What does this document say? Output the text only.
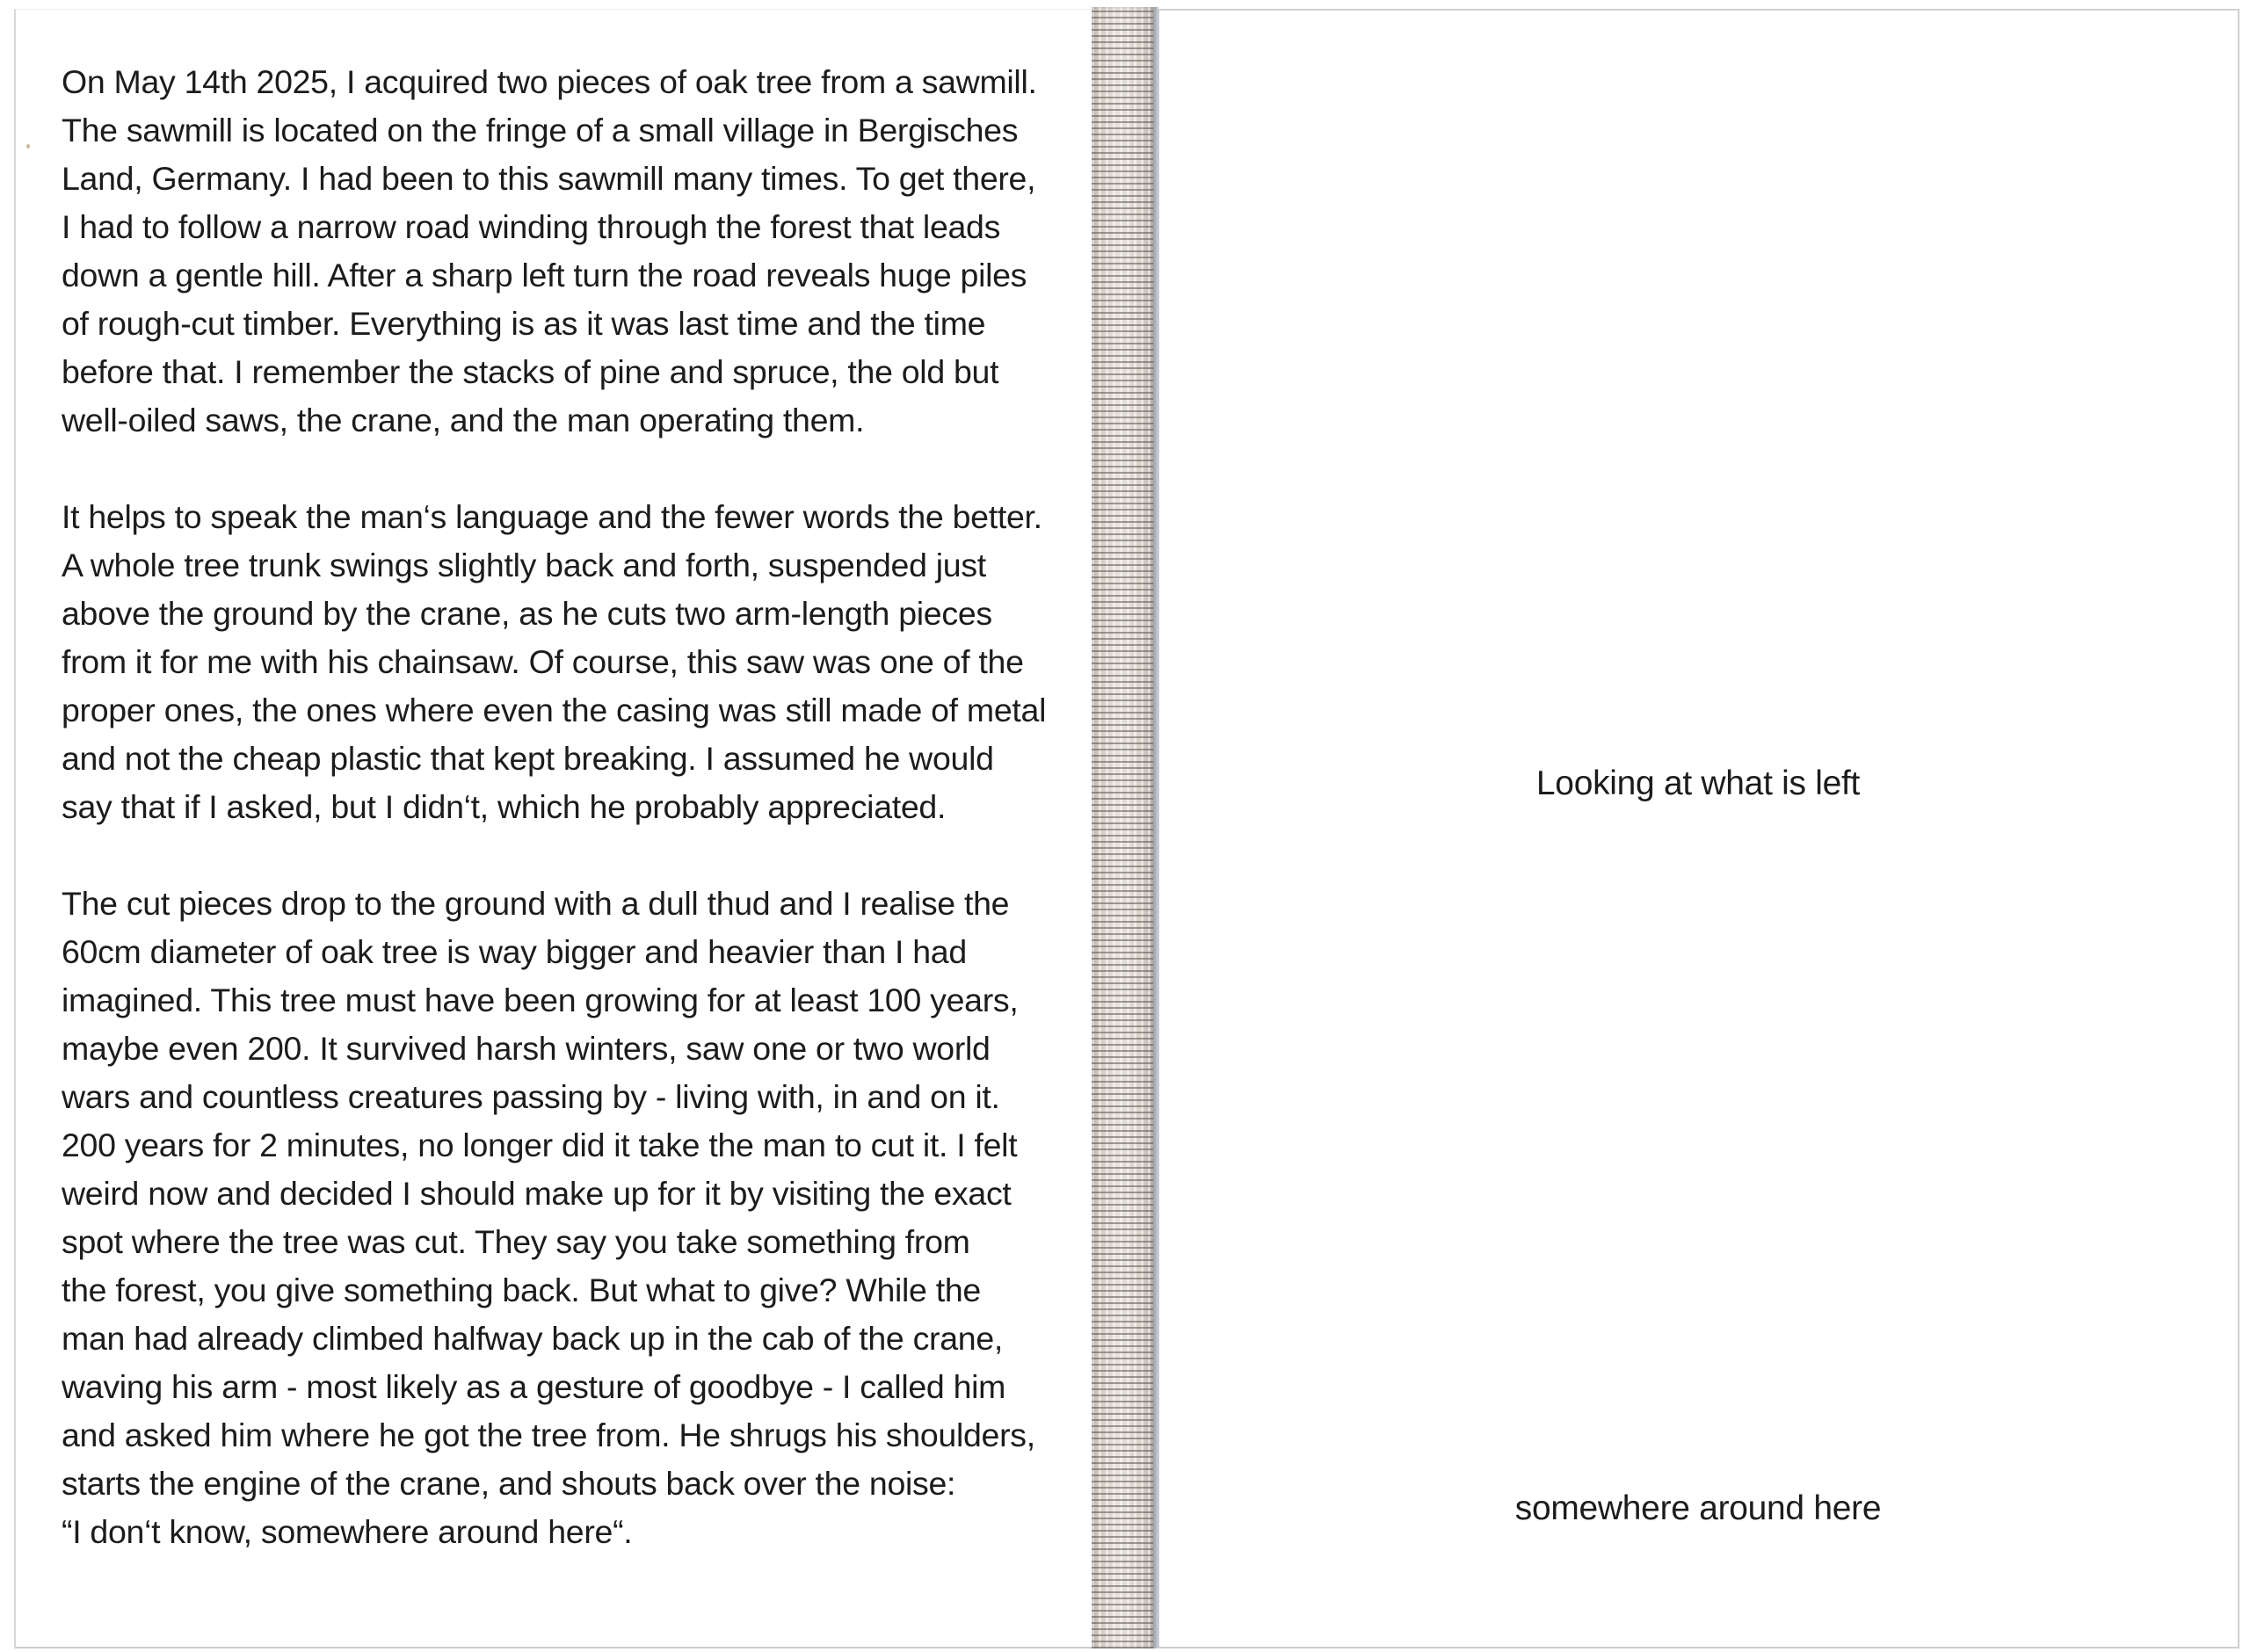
On May 14th 2025, I acquired two pieces of oak tree from a sawmill.
The sawmill is located on the fringe of a small village in Bergisches
Land, Germany. I had been to this sawmill many times. To get there,
I had to follow a narrow road winding through the forest that leads
down a gentle hill. After a sharp left turn the road reveals huge piles
of rough-cut timber. Everything is as it was last time and the time
before that. I remember the stacks of pine and spruce, the old but
well-oiled saws, the crane, and the man operating them.

It helps to speak the man‘s language and the fewer words the better.
A whole tree trunk swings slightly back and forth, suspended just
above the ground by the crane, as he cuts two arm-length pieces
from it for me with his chainsaw. Of course, this saw was one of the
proper ones, the ones where even the casing was still made of metal
and not the cheap plastic that kept breaking. I assumed he would
say that if I asked, but I didn‘t, which he probably appreciated.

The cut pieces drop to the ground with a dull thud and I realise the
60cm diameter of oak tree is way bigger and heavier than I had
imagined. This tree must have been growing for at least 100 years,
maybe even 200. It survived harsh winters, saw one or two world
wars and countless creatures passing by - living with, in and on it.
200 years for 2 minutes, no longer did it take the man to cut it. I felt
weird now and decided I should make up for it by visiting the exact
spot where the tree was cut. They say you take something from
the forest, you give something back. But what to give? While the
man had already climbed halfway back up in the cab of the crane,
waving his arm - most likely as a gesture of goodbye - I called him
and asked him where he got the tree from. He shrugs his shoulders,
starts the engine of the crane, and shouts back over the noise:
“I don‘t know, somewhere around here“.

Looking at what is left
somewhere around here
